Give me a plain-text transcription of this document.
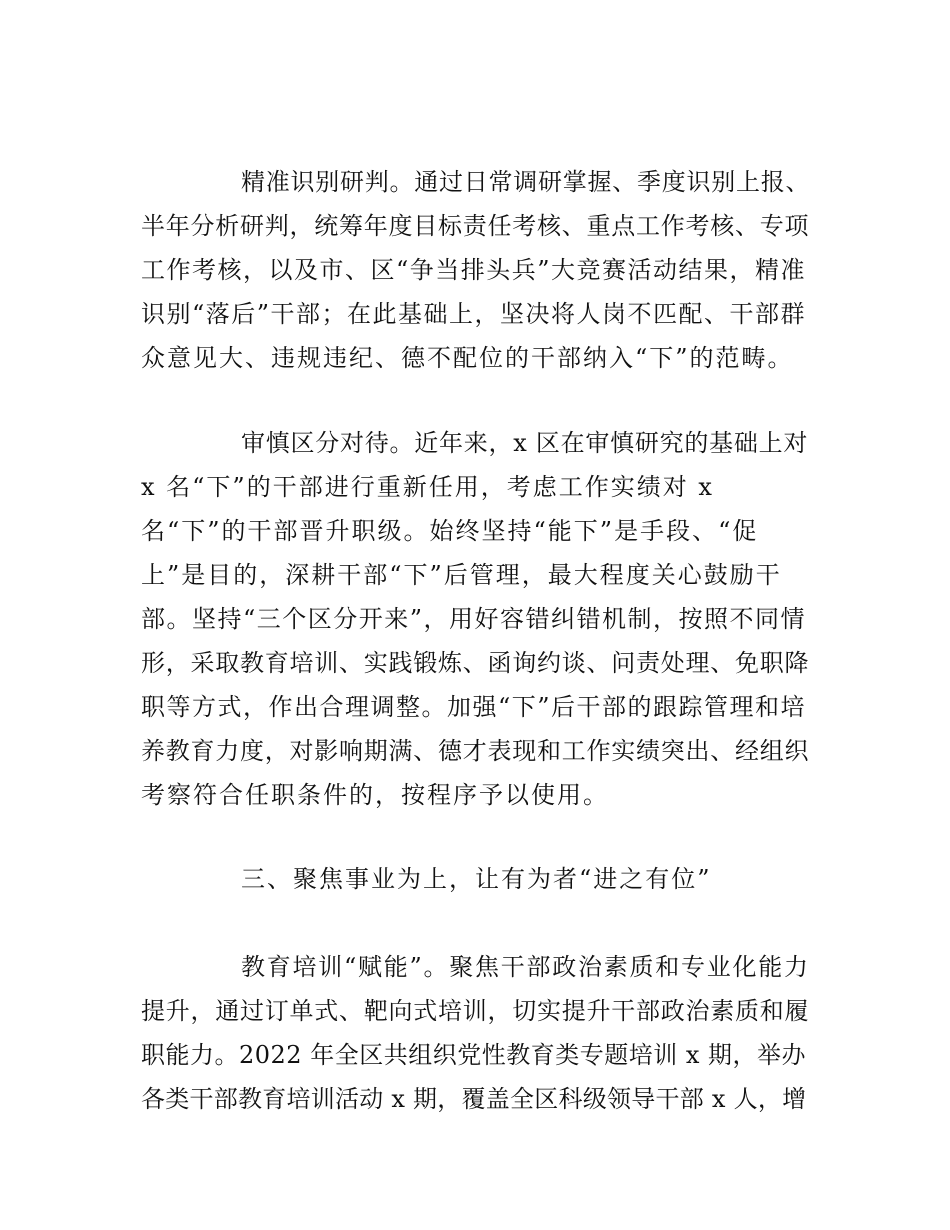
精准识别研判。通过日常调研掌握、季度识别上报、
半年分析研判，统筹年度目标责任考核、重点工作考核、专项
工作考核，以及市、区“争当排头兵”大竞赛活动结果，精准
识别“落后”干部；在此基础上，坚决将人岗不匹配、干部群
众意见大、违规违纪、德不配位的干部纳入“下”的范畴。
审慎区分对待。近年来，x 区在审慎研究的基础上对
x 名“下”的干部进行重新任用，考虑工作实绩对 x
名“下”的干部晋升职级。始终坚持“能下”是手段、“促
上”是目的，深耕干部“下”后管理，最大程度关心鼓励干
部。坚持“三个区分开来”，用好容错纠错机制，按照不同情
形，采取教育培训、实践锻炼、函询约谈、问责处理、免职降
职等方式，作出合理调整。加强“下”后干部的跟踪管理和培
养教育力度，对影响期满、德才表现和工作实绩突出、经组织
考察符合任职条件的，按程序予以使用。
三、聚焦事业为上，让有为者“进之有位”
教育培训“赋能”。聚焦干部政治素质和专业化能力
提升，通过订单式、靶向式培训，切实提升干部政治素质和履
职能力。2022 年全区共组织党性教育类专题培训 x 期，举办
各类干部教育培训活动 x 期，覆盖全区科级领导干部 x 人，增
